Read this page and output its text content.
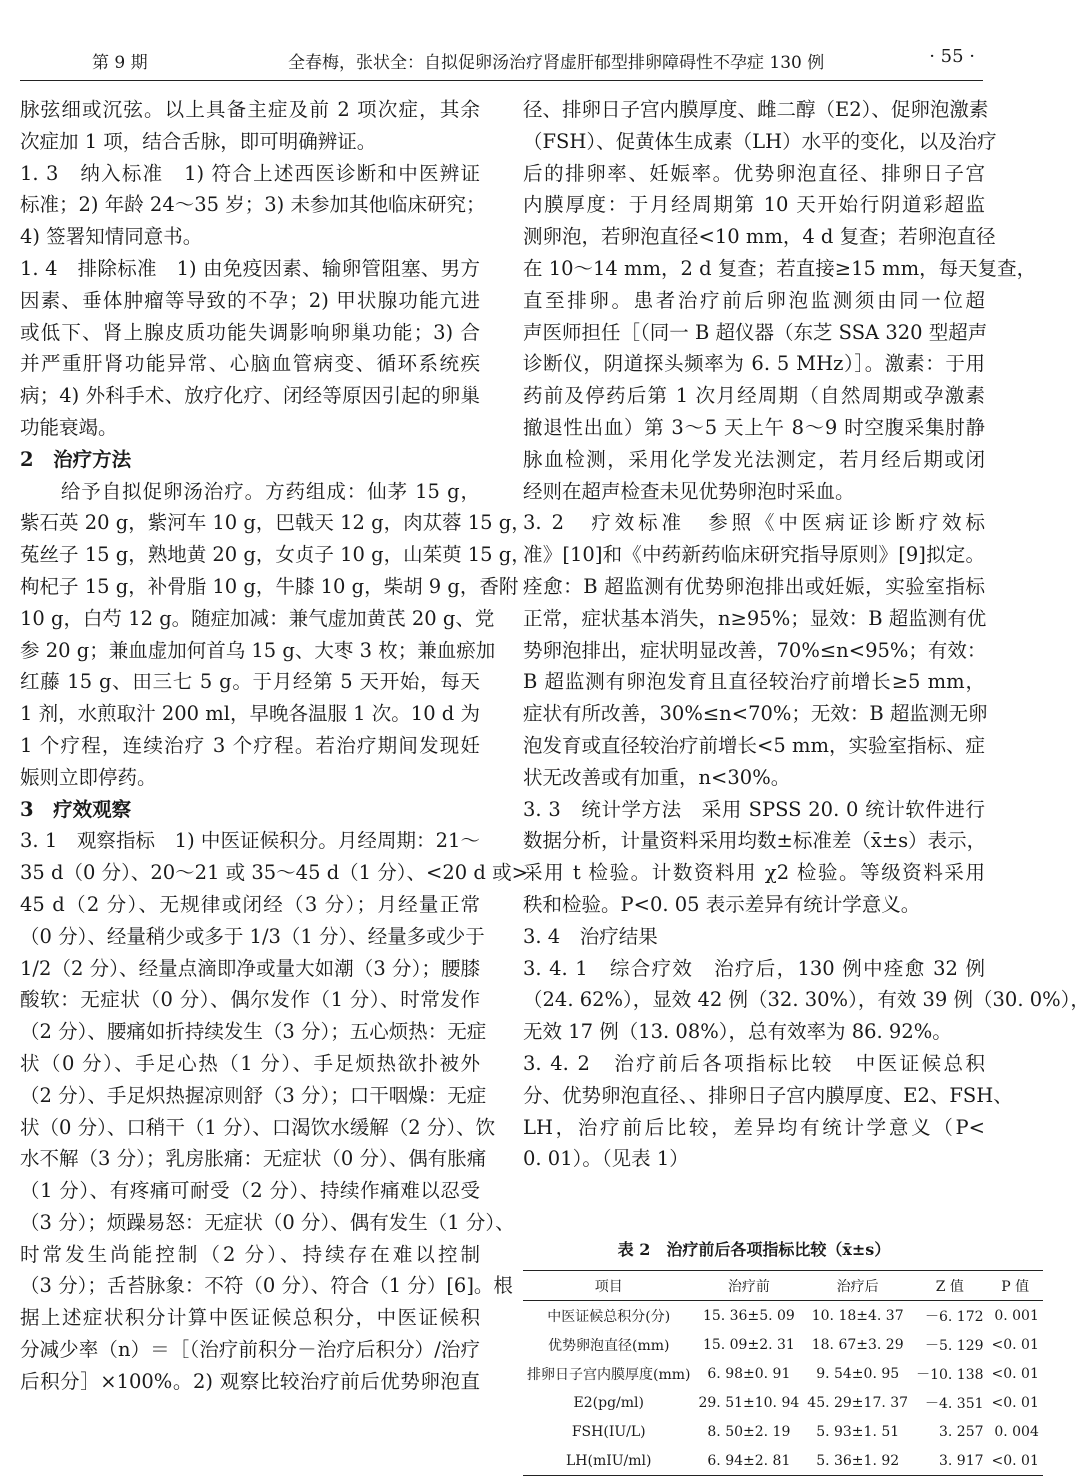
第 9 期	全春梅，张状全：自拟促卵汤治疗肾虚肝郁型排卵障碍性不孕症 130 例	· 55 ·
脉弦细或沉弦。以上具备主症及前 2 项次症，其余
次症加 1 项，结合舌脉，即可明确辨证。
1. 3　纳入标准　1) 符合上述西医诊断和中医辨证
标准；2) 年龄 24～35 岁；3) 未参加其他临床研究；
4) 签署知情同意书。
1. 4　排除标准　1) 由免疫因素、输卵管阻塞、男方
因素、垂体肿瘤等导致的不孕；2) 甲状腺功能亢进
或低下、肾上腺皮质功能失调影响卵巢功能；3) 合
并严重肝肾功能异常、心脑血管病变、循环系统疾
病；4) 外科手术、放疗化疗、闭经等原因引起的卵巢
功能衰竭。
2　治疗方法
　　给予自拟促卵汤治疗。方药组成：仙茅 15 g，
紫石英 20 g，紫河车 10 g，巴戟天 12 g，肉苁蓉 15 g，
菟丝子 15 g，熟地黄 20 g，女贞子 10 g，山茱萸 15 g，
枸杞子 15 g，补骨脂 10 g，牛膝 10 g，柴胡 9 g，香附
10 g，白芍 12 g。随症加减：兼气虚加黄芪 20 g、党
参 20 g；兼血虚加何首乌 15 g、大枣 3 枚；兼血瘀加
红藤 15 g、田三七 5 g。于月经第 5 天开始，每天
1 剂，水煎取汁 200 ml，早晚各温服 1 次。10 d 为
1 个疗程，连续治疗 3 个疗程。若治疗期间发现妊
娠则立即停药。
3　疗效观察
3. 1　观察指标　1) 中医证候积分。月经周期：21～
35 d（0 分）、20～21 或 35～45 d（1 分）、<20 d 或>
45 d（2 分）、无规律或闭经（3 分）；月经量正常
（0 分）、经量稍少或多于 1/3（1 分）、经量多或少于
1/2（2 分）、经量点滴即净或量大如潮（3 分）；腰膝
酸软：无症状（0 分）、偶尔发作（1 分）、时常发作
（2 分）、腰痛如折持续发生（3 分）；五心烦热：无症
状（0 分）、手足心热（1 分）、手足烦热欲扑被外
（2 分）、手足炽热握凉则舒（3 分）；口干咽燥：无症
状（0 分）、口稍干（1 分）、口渴饮水缓解（2 分）、饮
水不解（3 分）；乳房胀痛：无症状（0 分）、偶有胀痛
（1 分）、有疼痛可耐受（2 分）、持续作痛难以忍受
（3 分）；烦躁易怒：无症状（0 分）、偶有发生（1 分）、
时常发生尚能控制（2 分）、持续存在难以控制
（3 分）；舌苔脉象：不符（0 分）、符合（1 分）[6]。根
据上述症状积分计算中医证候总积分，中医证候积
分减少率（n）＝［（治疗前积分－治疗后积分）/治疗
后积分］×100%。2) 观察比较治疗前后优势卵泡直
径、排卵日子宫内膜厚度、雌二醇（E2）、促卵泡激素
（FSH）、促黄体生成素（LH）水平的变化，以及治疗
后的排卵率、妊娠率。优势卵泡直径、排卵日子宫
内膜厚度：于月经周期第 10 天开始行阴道彩超监
测卵泡，若卵泡直径<10 mm，4 d 复查；若卵泡直径
在 10～14 mm，2 d 复查；若直接≥15 mm，每天复查，
直至排卵。患者治疗前后卵泡监测须由同一位超
声医师担任［（同一 B 超仪器（东芝 SSA 320 型超声
诊断仪，阴道探头频率为 6. 5 MHz）］。激素：于用
药前及停药后第 1 次月经周期（自然周期或孕激素
撤退性出血）第 3～5 天上午 8～9 时空腹采集肘静
脉血检测，采用化学发光法测定，若月经后期或闭
经则在超声检查未见优势卵泡时采血。
3. 2　疗效标准　参照《中医病证诊断疗效标
准》[10]和《中药新药临床研究指导原则》[9]拟定。
痊愈：B 超监测有优势卵泡排出或妊娠，实验室指标
正常，症状基本消失，n≥95%；显效：B 超监测有优
势卵泡排出，症状明显改善，70%≤n<95%；有效：
B 超监测有卵泡发育且直径较治疗前增长≥5 mm，
症状有所改善，30%≤n<70%；无效：B 超监测无卵
泡发育或直径较治疗前增长<5 mm，实验室指标、症
状无改善或有加重，n<30%。
3. 3　统计学方法　采用 SPSS 20. 0 统计软件进行
数据分析，计量资料采用均数±标准差（x̄±s）表示，
采用 t 检验。计数资料用 χ2 检验。等级资料采用
秩和检验。P<0. 05 表示差异有统计学意义。
3. 4　治疗结果
3. 4. 1　综合疗效　治疗后，130 例中痊愈 32 例
（24. 62%），显效 42 例（32. 30%），有效 39 例（30. 0%），
无效 17 例（13. 08%），总有效率为 86. 92%。
3. 4. 2　治疗前后各项指标比较　中医证候总积
分、优势卵泡直径、、排卵日子宫内膜厚度、E2、FSH、
LH，治疗前后比较，差异均有统计学意义（P<
0. 01）。（见表 1）
表 2　治疗前后各项指标比较（x̄±s）
项目	治疗前	治疗后	Z 值	P 值
中医证候总积分(分)	15. 36±5. 09	10. 18±4. 37	－6. 172	0. 001
优势卵泡直径(mm)	15. 09±2. 31	18. 67±3. 29	－5. 129	<0. 01
排卵日子宫内膜厚度(mm)	6. 98±0. 91	9. 54±0. 95	－10. 138	<0. 01
E2(pg/ml)	29. 51±10. 94	45. 29±17. 37	－4. 351	<0. 01
FSH(IU/L)	8. 50±2. 19	5. 93±1. 51	3. 257	0. 004
LH(mIU/ml)	6. 94±2. 81	5. 36±1. 92	3. 917	<0. 01
